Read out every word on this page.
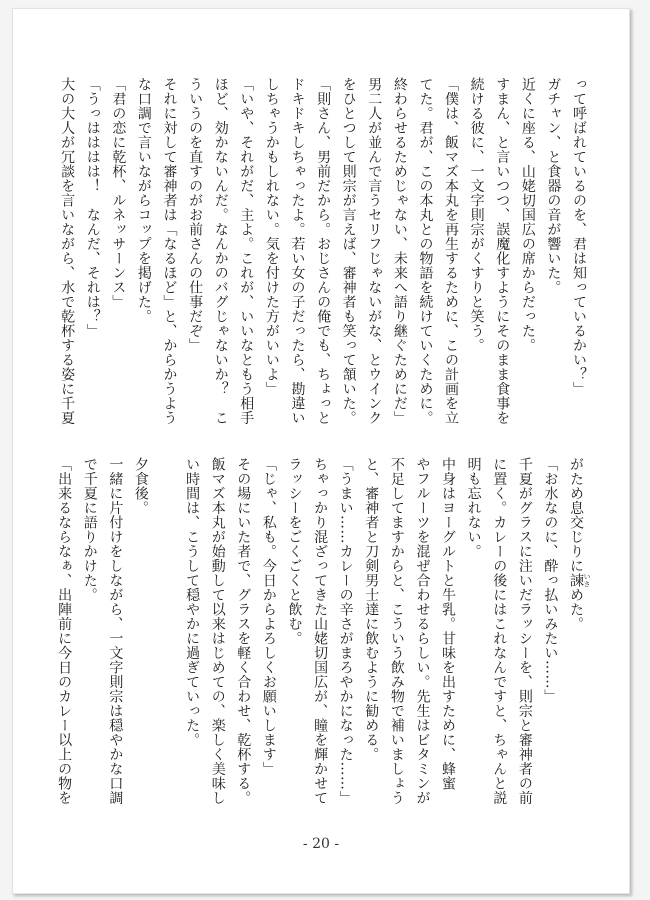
って呼ばれているのを、君は知っているかい？」
ガチャン、と食器の音が響いた。
近くに座る、山姥切国広の席からだった。
すまん、と言いつつ、誤魔化すようにそのまま食事を
続ける彼に、一文字則宗がくすりと笑う。
「僕は、飯マズ本丸を再生するために、この計画を立
てた。君が、この本丸との物語を続けていくために。
終わらせるためじゃない、未来へ語り継ぐためにだ」
男二人が並んで言うセリフじゃないがな、とウインク
をひとつして則宗が言えば、審神者も笑って頷いた。
「則さん、男前だから。おじさんの俺でも、ちょっと
ドキドキしちゃったよ。若い女の子だったら、勘違い
しちゃうかもしれない。気を付けた方がいいよ」
「いや、それがだ、主よ。これが、いいなともう相手
ほど、効かないんだ。なんかのバグじゃないか？　こ
ういうのを直すのがお前さんの仕事だぞ」
それに対して審神者は「なるほど」と、からかうよう
な口調で言いながらコップを掲げた。
「君の恋に乾杯、ルネッサーンス」
「うっはははは！　なんだ、それは？」
大の大人が冗談を言いながら、水で乾杯する姿に千夏
がため息交じりに諫 いさめた。
「お水なのに、酔っ払いみたい……」
千夏がグラスに注いだラッシーを、則宗と審神者の前
に置く。カレーの後にはこれなんですと、ちゃんと説
明も忘れない。
中身はヨーグルトと牛乳。甘味を出すために、蜂蜜
やフルーツを混ぜ合わせるらしい。先生はビタミンが
不足してますからと、こういう飲み物で補いましょう
と、審神者と刀剣男士達に飲むように勧める。
「うまい……カレーの辛さがまろやかになった……」
ちゃっかり混ざってきた山姥切国広が、瞳を輝かせて
ラッシーをごくごくと飲む。
「じゃ、私も。今日からよろしくお願いします」
その場にいた者で、グラスを軽く合わせ、乾杯する。
飯マズ本丸が始動して以来はじめての、楽しく美味し
い時間は、こうして穏やかに過ぎていった。

夕食後。
一緒に片付けをしながら、一文字則宗は穏やかな口調
で千夏に語りかけた。
「出来るならなぁ、出陣前に今日のカレー以上の物を
- 20 -
